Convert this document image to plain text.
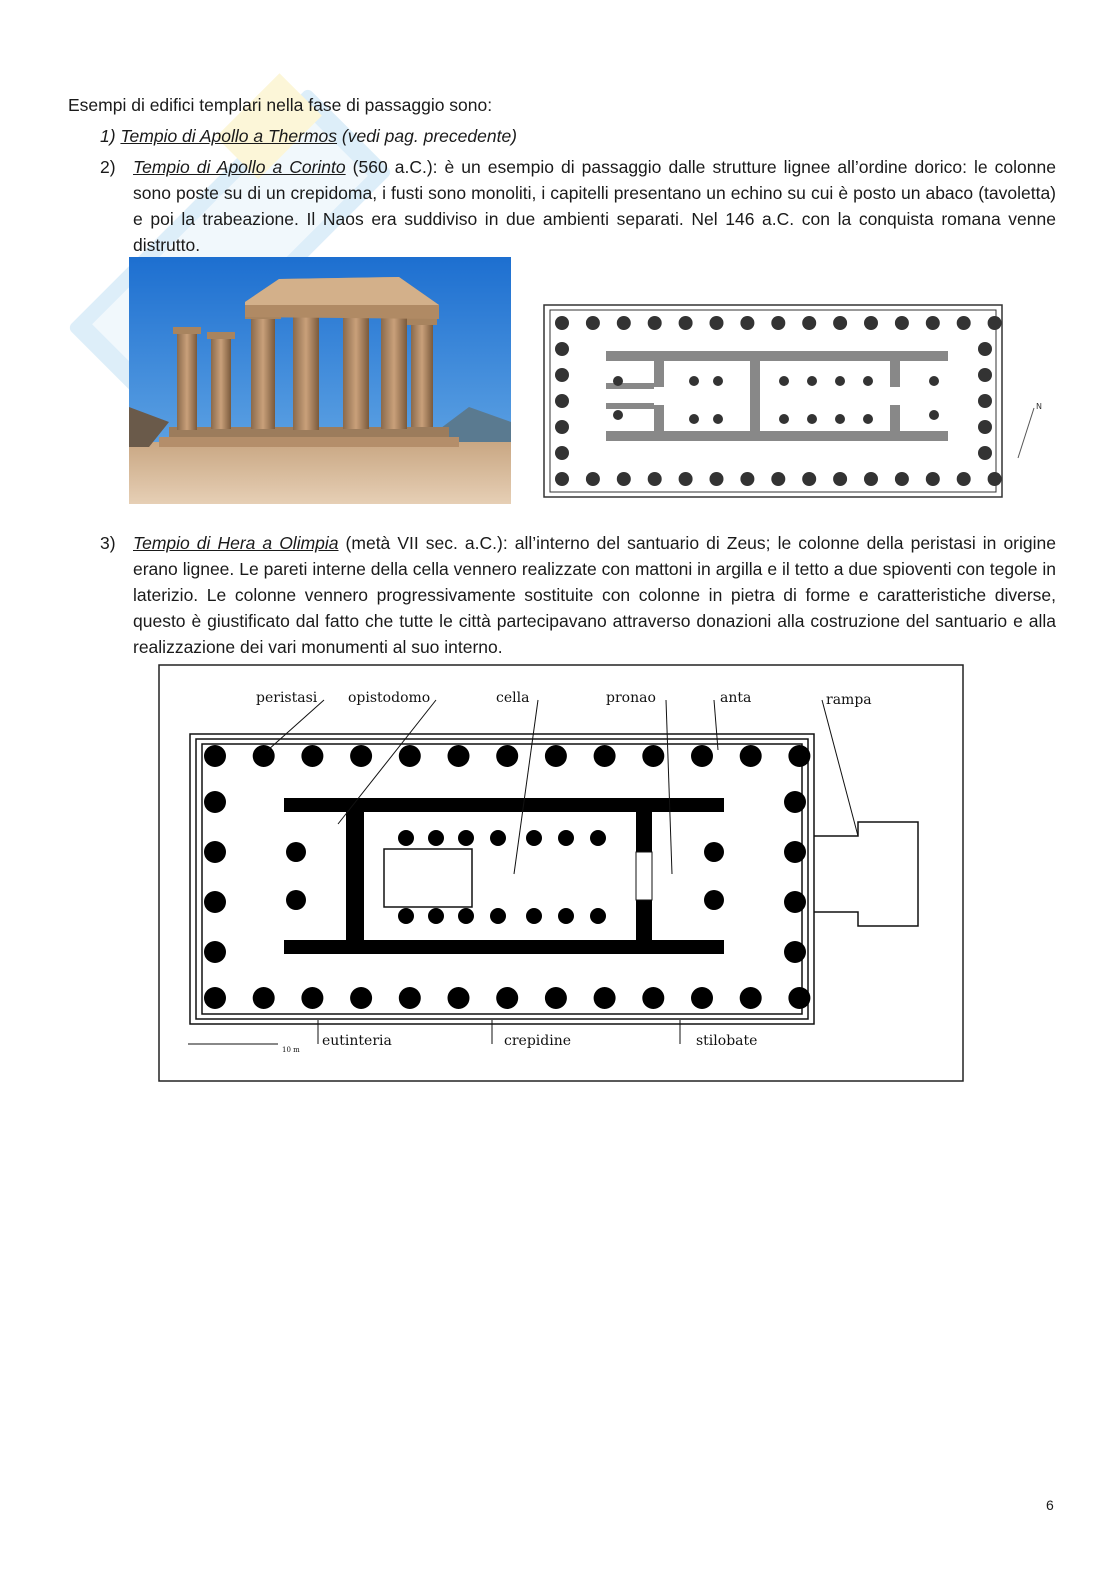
Esempi di edifici templari nella fase di passaggio sono:
1) Tempio di Apollo a Thermos (vedi pag. precedente)
2) Tempio di Apollo a Corinto (560 a.C.): è un esempio di passaggio dalle strutture lignee all’ordine dorico: le colonne sono poste su di un crepidoma, i fusti sono monoliti, i capitelli presentano un echino su cui è posto un abaco (tavoletta) e poi la trabeazione. Il Naos era suddiviso in due ambienti separati. Nel 146 a.C. con la conquista romana venne distrutto.
N
3) Tempio di Hera a Olimpia (metà VII sec. a.C.): all’interno del santuario di Zeus; le colonne della peristasi in origine erano lignee. Le pareti interne della cella vennero realizzate con mattoni in argilla e il tetto a due spioventi con tegole in laterizio. Le colonne vennero progressivamente sostituite con colonne in pietra di forme e caratteristiche diverse, questo è giustificato dal fatto che tutte le città partecipavano attraverso donazioni alla costruzione del santuario e alla realizzazione dei vari monumenti al suo interno.
peristasi opistodomo	cella	pronao	anta	rampa
eutinteria	crepidine	stilobate
10 m
6
